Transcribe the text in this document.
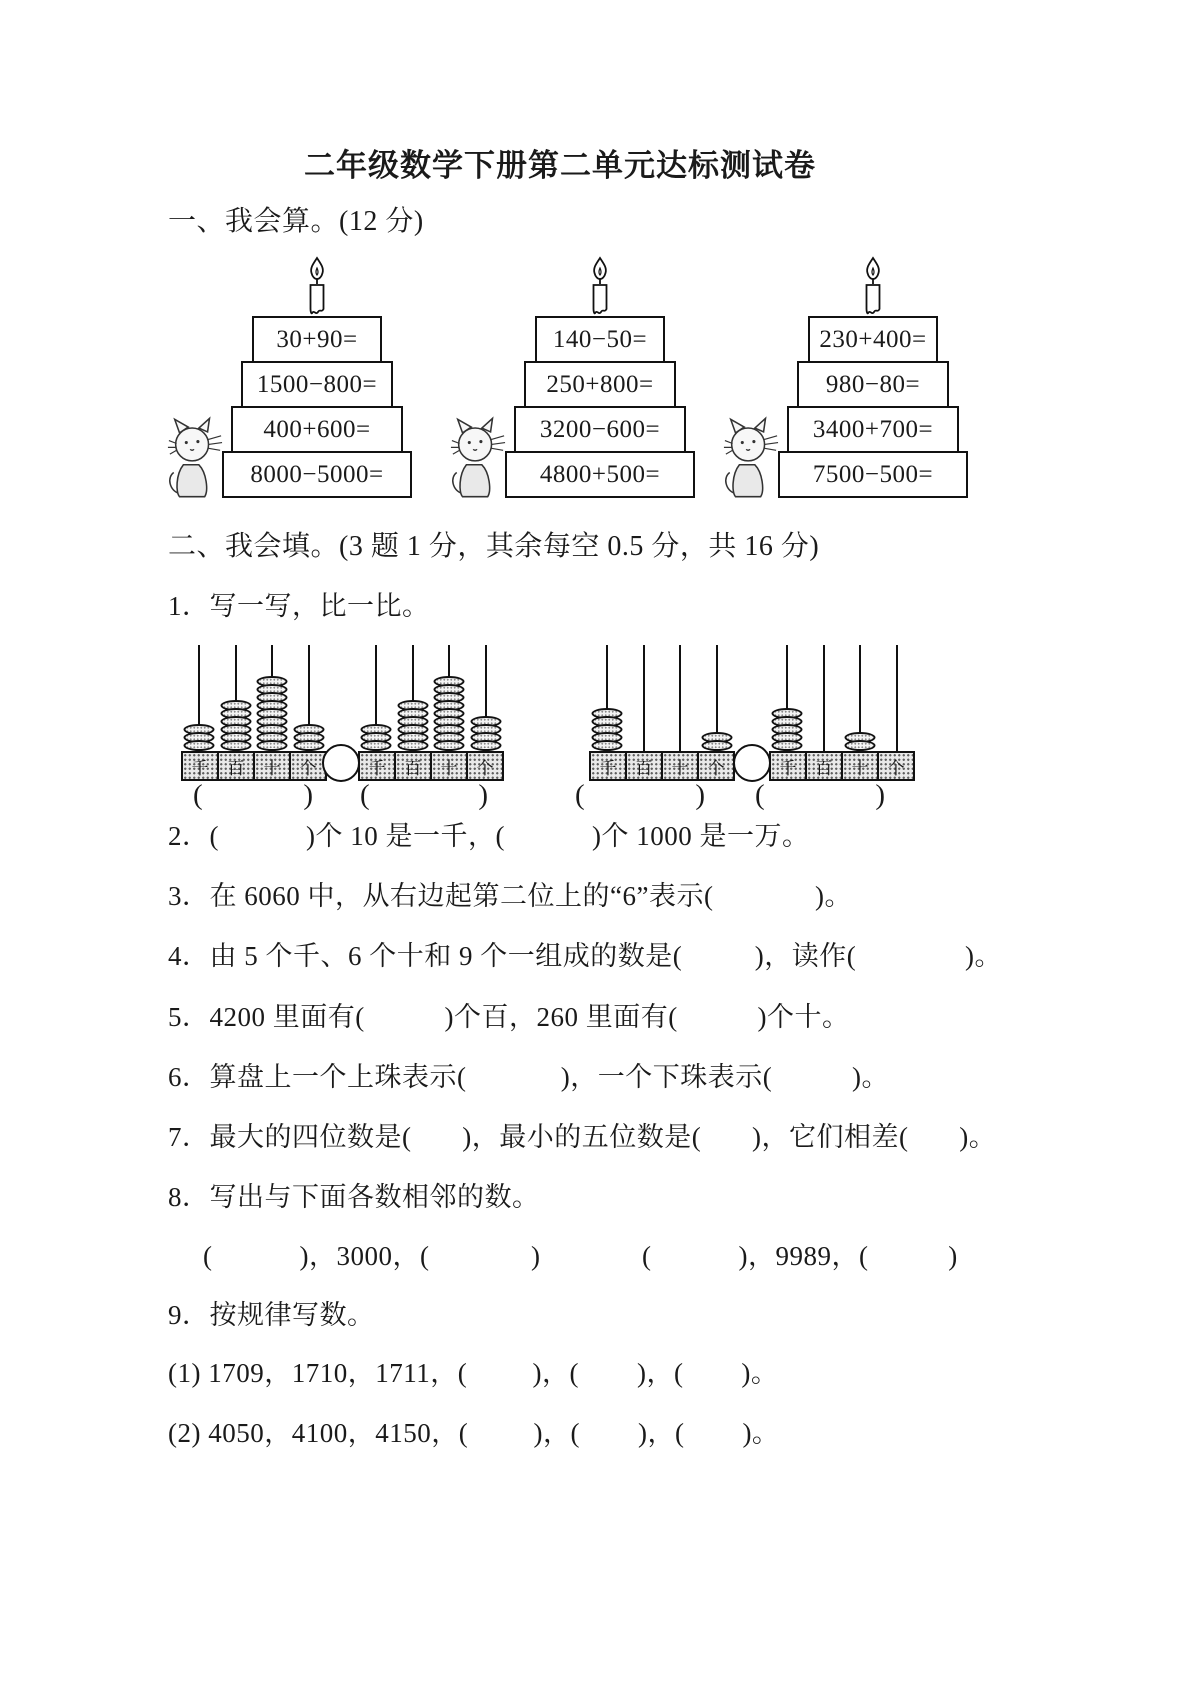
二年级数学下册第二单元达标测试卷
一、我会算。(12 分)
30+90=
1500−800=
400+600=
8000−5000=
140−50=
250+800=
3200−600=
4800+500=
230+400=
980−80=
3400+700=
7500−500=
二、我会填。(3 题 1 分，其余每空 0.5 分，共 16 分)
1．写一写，比一比。
千	百	十	个	千	百	十	个	千	百	十	个	千	百	十	个
(	) (	)	(	) (	)
2．(            )个 10 是一千，(            )个 1000 是一万。
3．在 6060 中，从右边起第二位上的“6”表示(              )。
4．由 5 个千、6 个十和 9 个一组成的数是(          )，读作(               )。
5．4200 里面有(           )个百，260 里面有(           )个十。
6．算盘上一个上珠表示(             )，一个下珠表示(           )。
7．最大的四位数是(       )，最小的五位数是(       )，它们相差(       )。
8．写出与下面各数相邻的数。
(            )，3000，(              )              (            )，9989，(           )
9．按规律写数。
(1) 1709，1710，1711，(         )，(        )，(        )。
(2) 4050，4100，4150，(         )，(        )，(        )。
